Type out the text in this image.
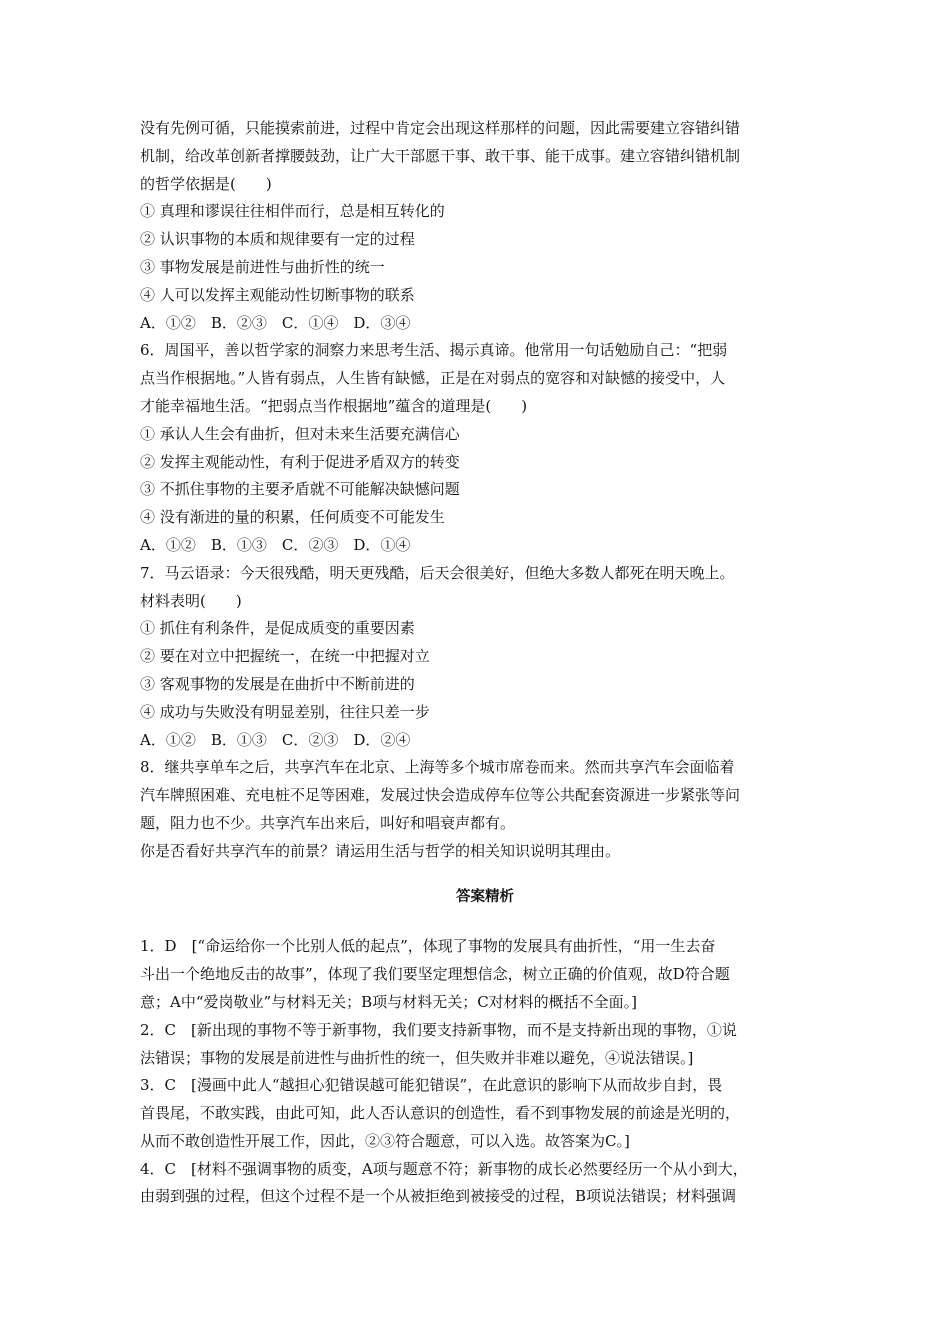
没有先例可循，只能摸索前进，过程中肯定会出现这样那样的问题，因此需要建立容错纠错

机制，给改革创新者撑腰鼓劲，让广大干部愿干事、敢干事、能干成事。建立容错纠错机制

的哲学依据是(　　)

① 真理和谬误往往相伴而行，总是相互转化的

② 认识事物的本质和规律要有一定的过程

③ 事物发展是前进性与曲折性的统一

④ 人可以发挥主观能动性切断事物的联系

A．①②　B．②③　C．①④　D．③④

6．周国平，善以哲学家的洞察力来思考生活、揭示真谛。他常用一句话勉励自己：“把弱

点当作根据地。”人皆有弱点，人生皆有缺憾，正是在对弱点的宽容和对缺憾的接受中，人

才能幸福地生活。“把弱点当作根据地”蕴含的道理是(　　)

① 承认人生会有曲折，但对未来生活要充满信心

② 发挥主观能动性，有利于促进矛盾双方的转变

③ 不抓住事物的主要矛盾就不可能解决缺憾问题

④ 没有渐进的量的积累，任何质变不可能发生

A．①②　B．①③　C．②③　D．①④

7．马云语录：今天很残酷，明天更残酷，后天会很美好，但绝大多数人都死在明天晚上。

材料表明(　　)

① 抓住有利条件，是促成质变的重要因素

② 要在对立中把握统一，在统一中把握对立

③ 客观事物的发展是在曲折中不断前进的

④ 成功与失败没有明显差别，往往只差一步

A．①②　B．①③　C．②③　D．②④

8．继共享单车之后，共享汽车在北京、上海等多个城市席卷而来。然而共享汽车会面临着

汽车牌照困难、充电桩不足等困难，发展过快会造成停车位等公共配套资源进一步紧张等问

题，阻力也不少。共享汽车出来后，叫好和唱衰声都有。

你是否看好共享汽车的前景？请运用生活与哲学的相关知识说明其理由。

答案精析

1．D　[“命运给你一个比别人低的起点”，体现了事物的发展具有曲折性，“用一生去奋

斗出一个绝地反击的故事”，体现了我们要坚定理想信念，树立正确的价值观，故D符合题

意；A中“爱岗敬业”与材料无关；B项与材料无关；C对材料的概括不全面。]

2．C　[新出现的事物不等于新事物，我们要支持新事物，而不是支持新出现的事物，①说

法错误；事物的发展是前进性与曲折性的统一，但失败并非难以避免，④说法错误。]

3．C　[漫画中此人“越担心犯错误越可能犯错误”，在此意识的影响下从而故步自封，畏

首畏尾，不敢实践，由此可知，此人否认意识的创造性，看不到事物发展的前途是光明的，

从而不敢创造性开展工作，因此，②③符合题意，可以入选。故答案为C。]

4．C　[材料不强调事物的质变，A项与题意不符；新事物的成长必然要经历一个从小到大，

由弱到强的过程，但这个过程不是一个从被拒绝到被接受的过程，B项说法错误；材料强调
